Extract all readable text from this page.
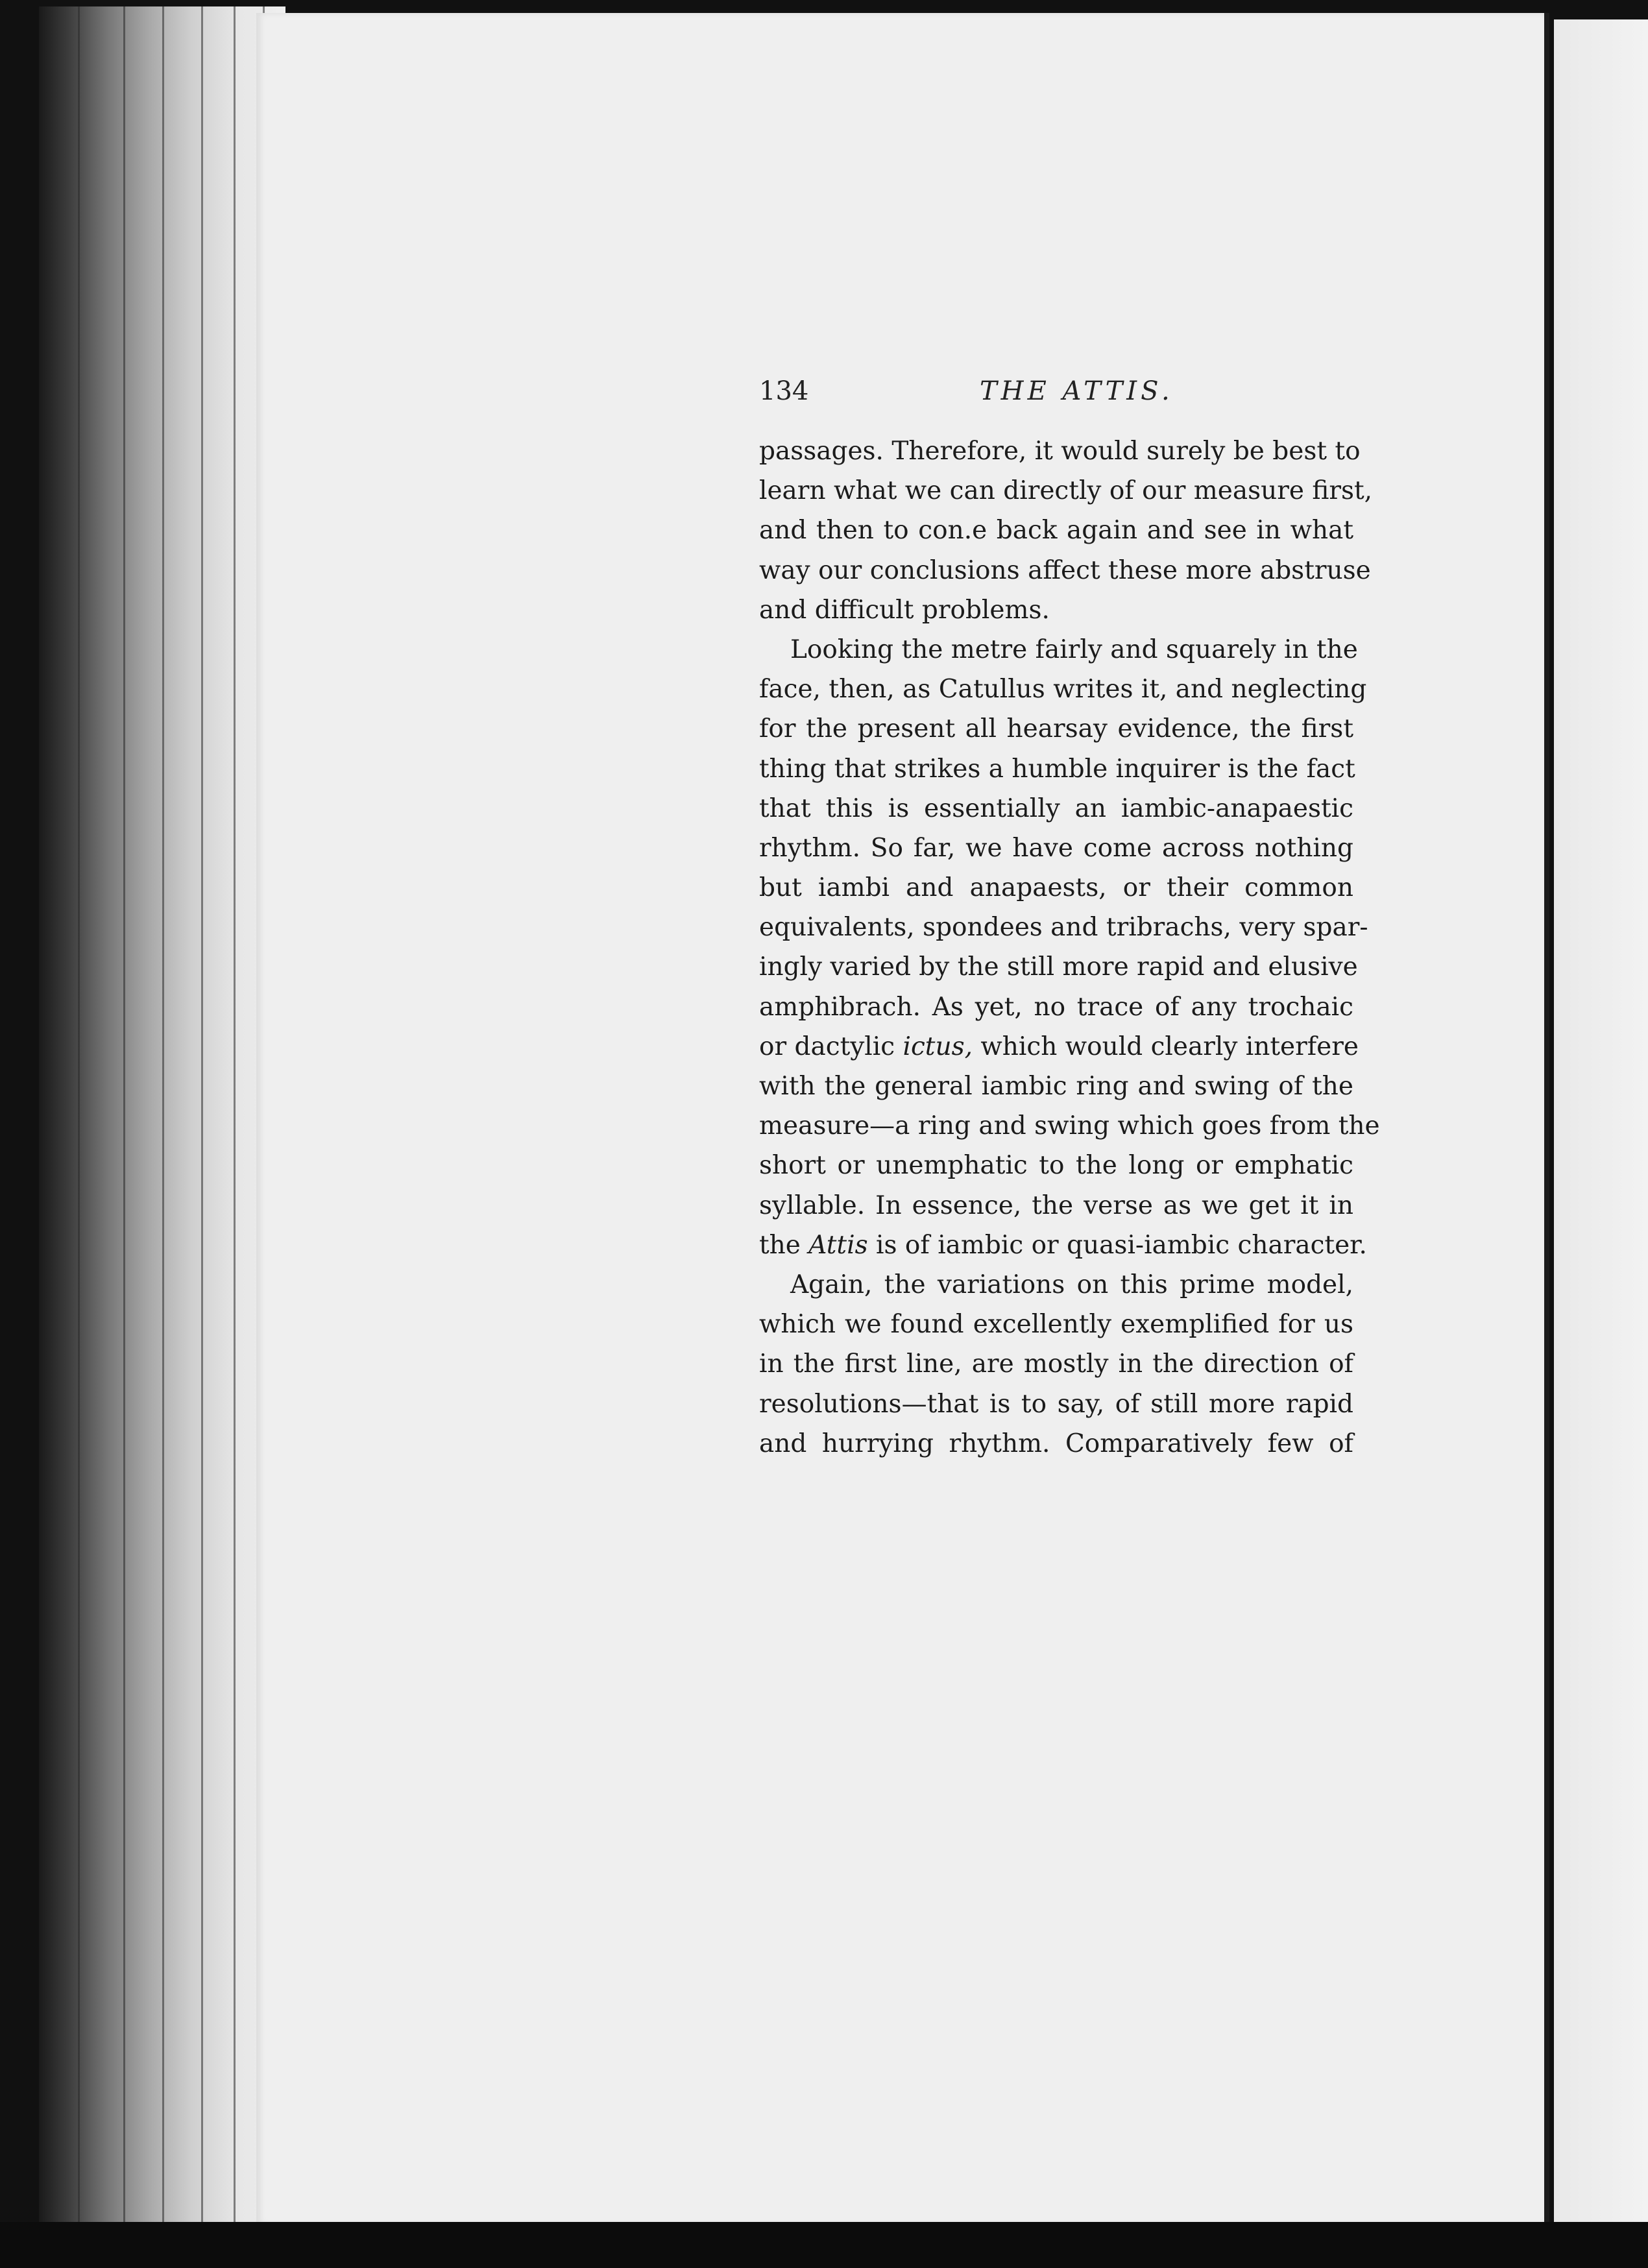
134	THE ATTIS.
passages. Therefore, it would surely be best to
learn what we can directly of our measure first,
and then to con.e back again and see in what
way our conclusions affect these more abstruse
and difficult problems.
Looking the metre fairly and squarely in the
face, then, as Catullus writes it, and neglecting
for the present all hearsay evidence, the first
thing that strikes a humble inquirer is the fact
that this is essentially an iambic-anapaestic
rhythm. So far, we have come across nothing
but iambi and anapaests, or their common
equivalents, spondees and tribrachs, very spar-
ingly varied by the still more rapid and elusive
amphibrach. As yet, no trace of any trochaic
or dactylic ictus, which would clearly interfere
with the general iambic ring and swing of the
measure—a ring and swing which goes from the
short or unemphatic to the long or emphatic
syllable. In essence, the verse as we get it in
the Attis is of iambic or quasi-iambic character.
Again, the variations on this prime model,
which we found excellently exemplified for us
in the first line, are mostly in the direction of
resolutions—that is to say, of still more rapid
and hurrying rhythm. Comparatively few of
